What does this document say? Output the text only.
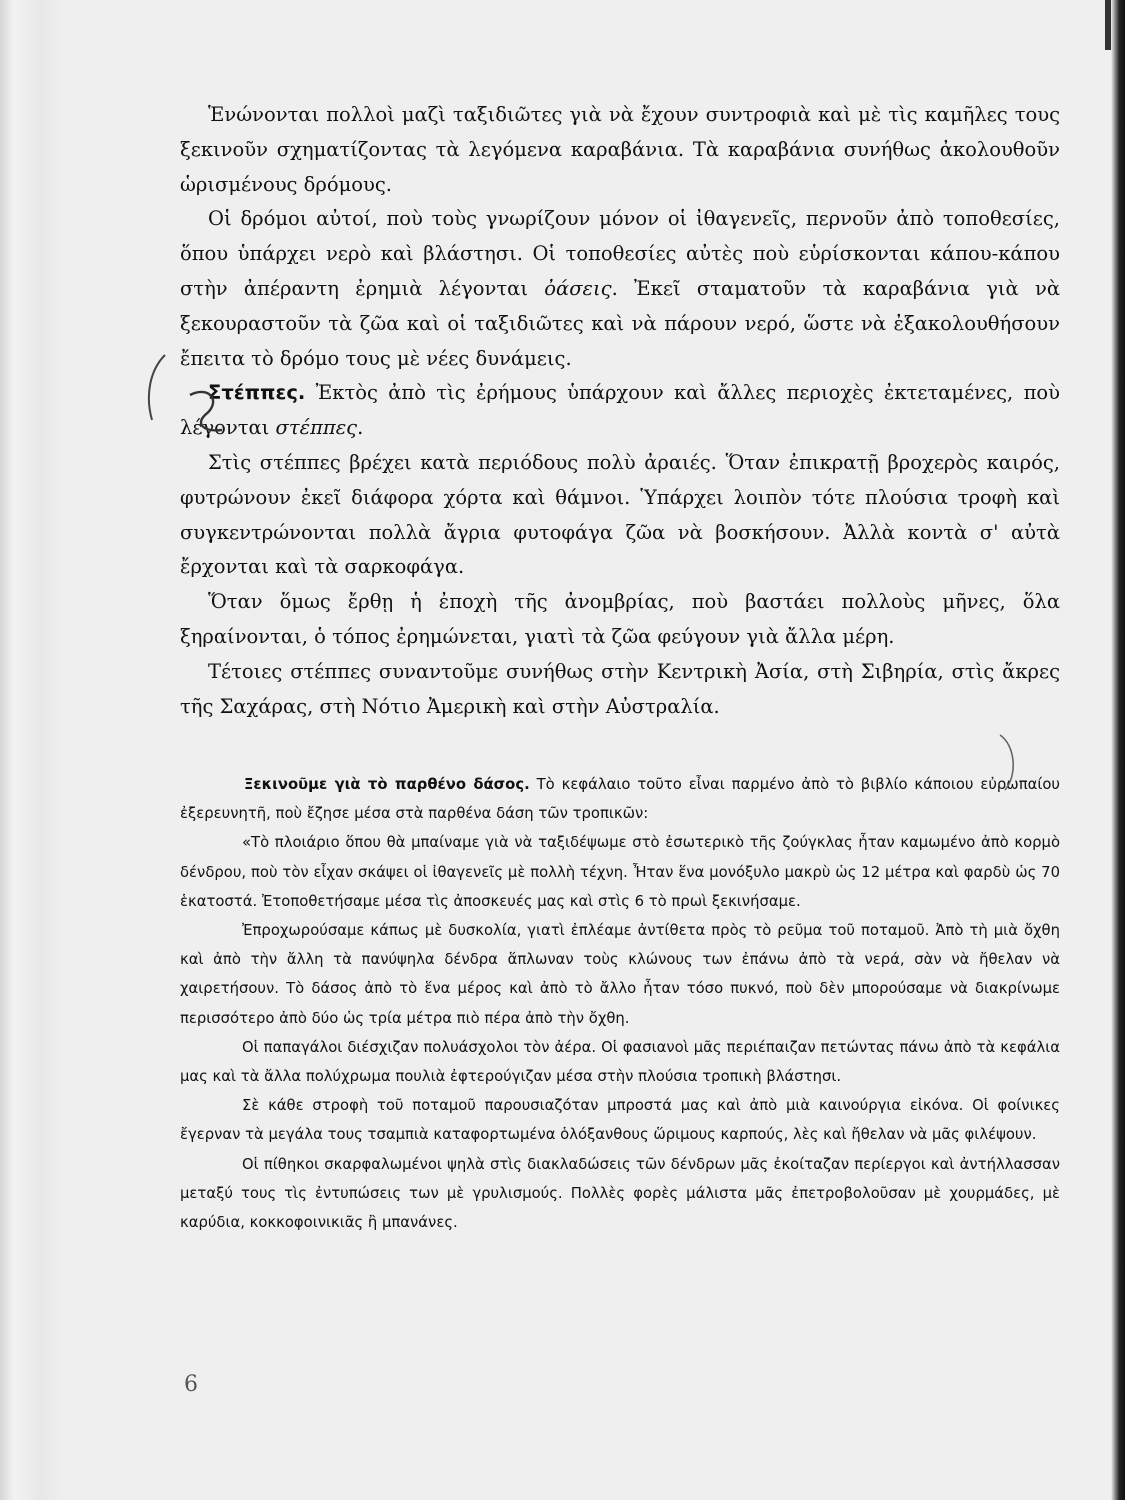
Ἑνώνονται πολλοὶ μαζὶ ταξιδιῶτες γιὰ νὰ ἔχουν συντροφιὰ καὶ μὲ τὶς καμῆλες τους ξεκινοῦν σχηματίζοντας τὰ λεγόμενα καραβάνια. Τὰ καραβάνια συνήθως ἀκολουθοῦν ὡρισμένους δρόμους.

Οἱ δρόμοι αὐτοί, ποὺ τοὺς γνωρίζουν μόνον οἱ ἰθαγενεῖς, περνοῦν ἀπὸ τοποθεσίες, ὅπου ὑπάρχει νερὸ καὶ βλάστησι. Οἱ τοποθεσίες αὐτὲς ποὺ εὑρίσκονται κάπου-κάπου στὴν ἀπέραντη ἐρημιὰ λέγονται ὀάσεις. Ἐκεῖ σταματοῦν τὰ καραβάνια γιὰ νὰ ξεκουραστοῦν τὰ ζῶα καὶ οἱ ταξιδιῶτες καὶ νὰ πάρουν νερό, ὥστε νὰ ἐξακολουθήσουν ἔπειτα τὸ δρόμο τους μὲ νέες δυνάμεις.

Στέππες. Ἐκτὸς ἀπὸ τὶς ἐρήμους ὑπάρχουν καὶ ἄλλες περιοχὲς ἐκτεταμένες, ποὺ λέγονται στέππες.

Στὶς στέππες βρέχει κατὰ περιόδους πολὺ ἀραιές. Ὅταν ἐπικρατῇ βροχερὸς καιρός, φυτρώνουν ἐκεῖ διάφορα χόρτα καὶ θάμνοι. Ὑπάρχει λοιπὸν τότε πλούσια τροφὴ καὶ συγκεντρώνονται πολλὰ ἄγρια φυτοφάγα ζῶα νὰ βοσκήσουν. Ἀλλὰ κοντὰ σ' αὐτὰ ἔρχονται καὶ τὰ σαρκοφάγα.

Ὅταν ὅμως ἔρθῃ ἡ ἐποχὴ τῆς ἀνομβρίας, ποὺ βαστάει πολλοὺς μῆνες, ὅλα ξηραίνονται, ὁ τόπος ἐρημώνεται, γιατὶ τὰ ζῶα φεύγουν γιὰ ἄλλα μέρη.

Τέτοιες στέππες συναντοῦμε συνήθως στὴν Κεντρικὴ Ἀσία, στὴ Σιβηρία, στὶς ἄκρες τῆς Σαχάρας, στὴ Νότιο Ἀμερικὴ καὶ στὴν Αὐστραλία.

Ξεκινοῦμε γιὰ τὸ παρθένο δάσος. Τὸ κεφάλαιο τοῦτο εἶναι παρμένο ἀπὸ τὸ βιβλίο κάποιου εὐρωπαίου ἐξερευνητῆ, ποὺ ἔζησε μέσα στὰ παρθένα δάση τῶν τροπικῶν:

«Τὸ πλοιάριο ὅπου θὰ μπαίναμε γιὰ νὰ ταξιδέψωμε στὸ ἐσωτερικὸ τῆς ζούγκλας ἦταν καμωμένο ἀπὸ κορμὸ δένδρου, ποὺ τὸν εἶχαν σκάψει οἱ ἰθαγενεῖς μὲ πολλὴ τέχνη. Ἦταν ἕνα μονόξυλο μακρὺ ὡς 12 μέτρα καὶ φαρδὺ ὡς 70 ἑκατοστά. Ἐτοποθετήσαμε μέσα τὶς ἀποσκευές μας καὶ στὶς 6 τὸ πρωὶ ξεκινήσαμε.

Ἐπροχωρούσαμε κάπως μὲ δυσκολία, γιατὶ ἐπλέαμε ἀντίθετα πρὸς τὸ ρεῦμα τοῦ ποταμοῦ. Ἀπὸ τὴ μιὰ ὄχθη καὶ ἀπὸ τὴν ἄλλη τὰ πανύψηλα δένδρα ἅπλωναν τοὺς κλώνους των ἐπάνω ἀπὸ τὰ νερά, σὰν νὰ ἤθελαν νὰ χαιρετήσουν. Τὸ δάσος ἀπὸ τὸ ἕνα μέρος καὶ ἀπὸ τὸ ἄλλο ἦταν τόσο πυκνό, ποὺ δὲν μπορούσαμε νὰ διακρίνωμε περισσότερο ἀπὸ δύο ὡς τρία μέτρα πιὸ πέρα ἀπὸ τὴν ὄχθη.

Οἱ παπαγάλοι διέσχιζαν πολυάσχολοι τὸν ἀέρα. Οἱ φασιανοὶ μᾶς περιέπαιζαν πετώντας πάνω ἀπὸ τὰ κεφάλια μας καὶ τὰ ἄλλα πολύχρωμα πουλιὰ ἐφτερούγιζαν μέσα στὴν πλούσια τροπικὴ βλάστησι.

Σὲ κάθε στροφὴ τοῦ ποταμοῦ παρουσιαζόταν μπροστά μας καὶ ἀπὸ μιὰ καινούργια εἰκόνα. Οἱ φοίνικες ἔγερναν τὰ μεγάλα τους τσαμπιὰ καταφορτωμένα ὁλόξανθους ὥριμους καρπούς, λὲς καὶ ἤθελαν νὰ μᾶς φιλέψουν.

Οἱ πίθηκοι σκαρφαλωμένοι ψηλὰ στὶς διακλαδώσεις τῶν δένδρων μᾶς ἐκοίταζαν περίεργοι καὶ ἀντήλλασσαν μεταξύ τους τὶς ἐντυπώσεις των μὲ γρυλισμούς. Πολλὲς φορὲς μάλιστα μᾶς ἐπετροβολοῦσαν μὲ χουρμάδες, μὲ καρύδια, κοκκοφοινικιᾶς ἢ μπανάνες.

6
